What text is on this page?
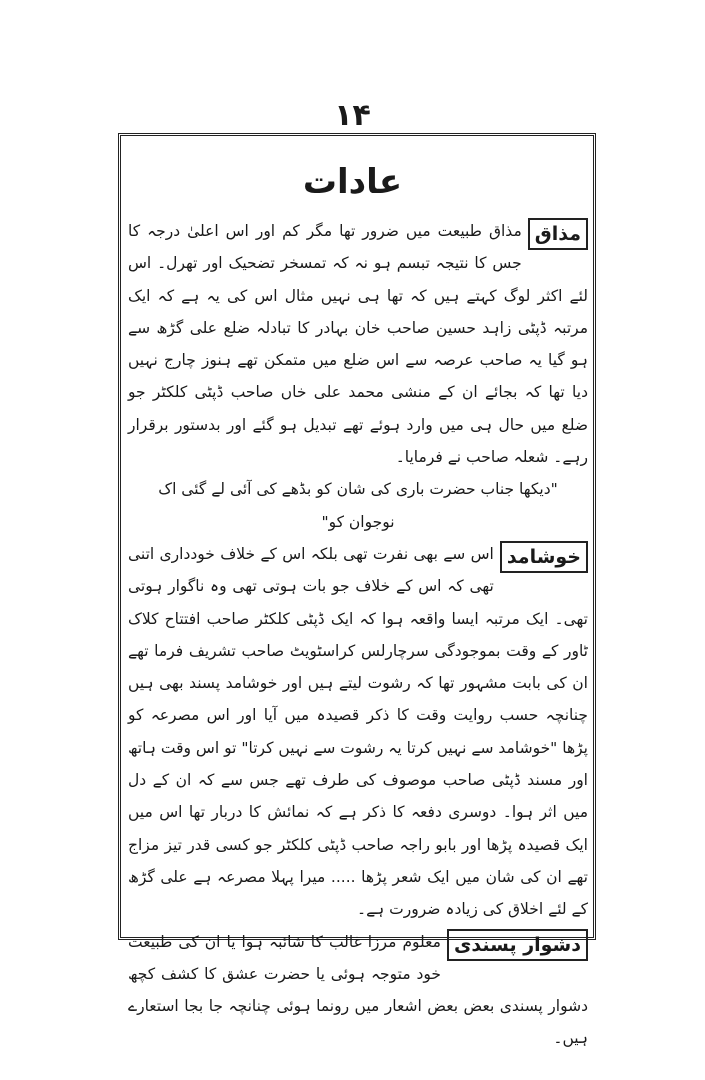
۱۴
عادات

مذاق
مذاق طبیعت میں ضرور تھا مگر کم اور اس اعلیٰ درجہ کا جس کا نتیجہ تبسم ہو نہ کہ تمسخر تضحیک اور تھرل۔ اس لئے اکثر لوگ کہتے ہیں کہ تھا ہی نہیں مثال اس کی یہ ہے کہ ایک مرتبہ ڈپٹی زاہد حسین صاحب خان بہادر کا تبادلہ ضلع علی گڑھ سے ہو گیا یہ صاحب عرصہ سے اس ضلع میں متمکن تھے ہنوز چارج نہیں دیا تھا کہ بجائے ان کے منشی محمد علی خاں صاحب ڈپٹی کلکٹر جو ضلع میں حال ہی میں وارد ہوئے تھے تبدیل ہو گئے اور بدستور برقرار رہے۔ شعلہ صاحب نے فرمایا۔

"دیکھا جناب حضرت باری کی شان کو بڈھے کی آئی لے گئی اک نوجوان کو"

خوشامد
اس سے بھی نفرت تھی بلکہ اس کے خلاف خودداری اتنی تھی کہ اس کے خلاف جو بات ہوتی تھی وہ ناگوار ہوتی تھی۔ ایک مرتبہ ایسا واقعہ ہوا کہ ایک ڈپٹی کلکٹر صاحب افتتاح کلاک ٹاور کے وقت بموجودگی سرچارلس کراسٹویٹ صاحب تشریف فرما تھے ان کی بابت مشہور تھا کہ رشوت لیتے ہیں اور خوشامد پسند بھی ہیں چنانچہ حسب روایت وقت کا ذکر قصیدہ میں آیا اور اس مصرعہ کو پڑھا "خوشامد سے نہیں کرتا یہ رشوت سے نہیں کرتا" تو اس وقت ہاتھ اور مسند ڈپٹی صاحب موصوف کی طرف تھے جس سے کہ ان کے دل میں اثر ہوا۔ دوسری دفعہ کا ذکر ہے کہ نمائش کا دربار تھا اس میں ایک قصیدہ پڑھا اور بابو راجہ صاحب ڈپٹی کلکٹر جو کسی قدر تیز مزاج تھے ان کی شان میں ایک شعر پڑھا ..... میرا پہلا مصرعہ ہے علی گڑھ کے لئے اخلاق کی زیادہ ضرورت ہے۔

دشوار پسندی
معلوم مرزا غالب کا شائبہ ہوا یا ان کی طبیعت خود متوجہ ہوئی یا حضرت عشق کا کشف کچھ دشوار پسندی بعض بعض اشعار میں رونما ہوئی چنانچہ جا بجا استعارے ہیں۔
